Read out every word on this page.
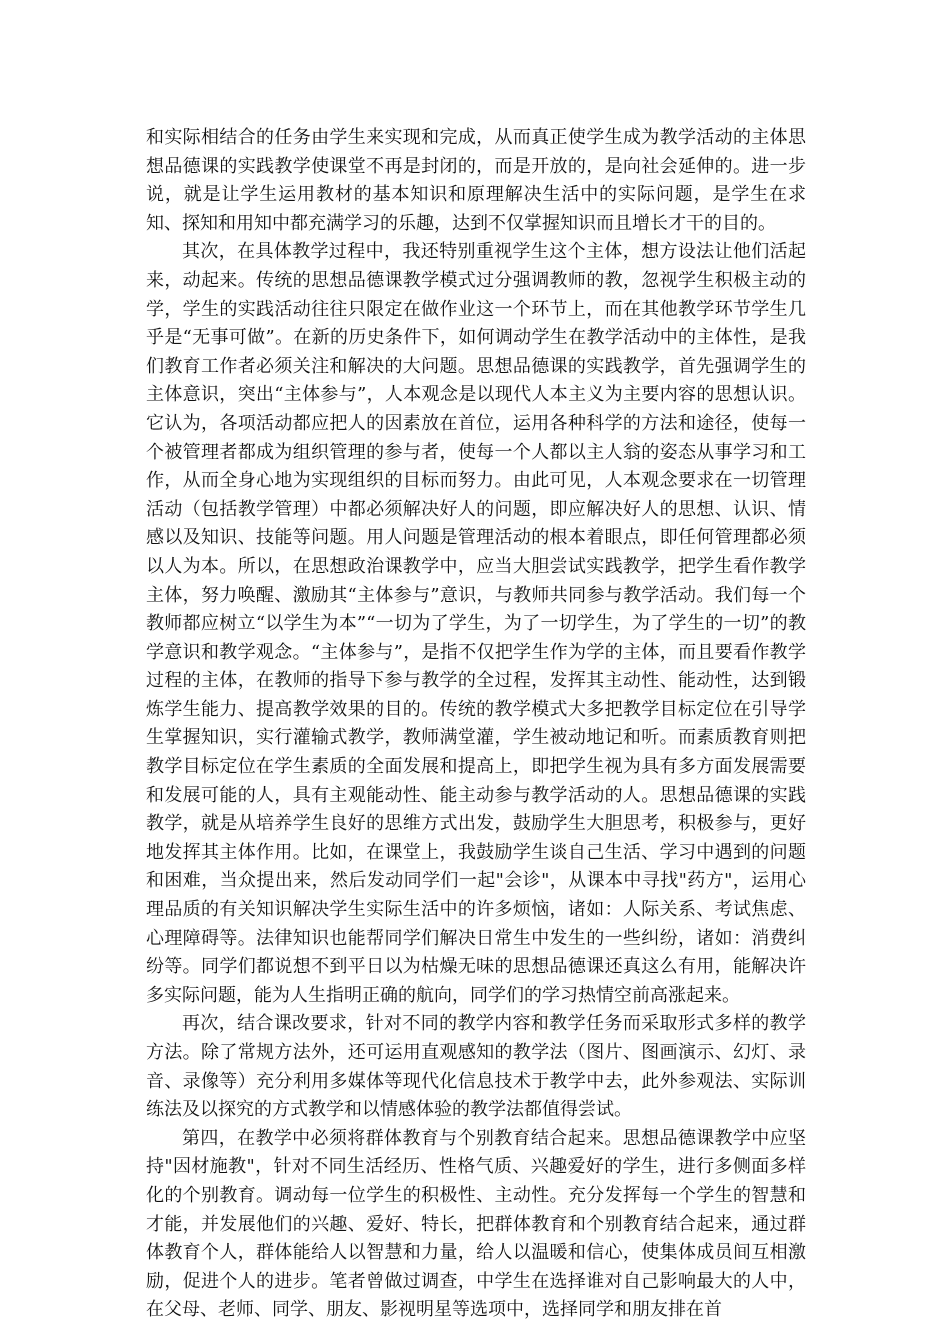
和实际相结合的任务由学生来实现和完成，从而真正使学生成为教学活动的主体思想品德课的实践教学使课堂不再是封闭的，而是开放的，是向社会延伸的。进一步说，就是让学生运用教材的基本知识和原理解决生活中的实际问题，是学生在求知、探知和用知中都充满学习的乐趣，达到不仅掌握知识而且增长才干的目的。

其次，在具体教学过程中，我还特别重视学生这个主体，想方设法让他们活起来，动起来。传统的思想品德课教学模式过分强调教师的教，忽视学生积极主动的学，学生的实践活动往往只限定在做作业这一个环节上，而在其他教学环节学生几乎是“无事可做”。在新的历史条件下，如何调动学生在教学活动中的主体性，是我们教育工作者必须关注和解决的大问题。思想品德课的实践教学，首先强调学生的主体意识，突出“主体参与”，人本观念是以现代人本主义为主要内容的思想认识。它认为，各项活动都应把人的因素放在首位，运用各种科学的方法和途径，使每一个被管理者都成为组织管理的参与者，使每一个人都以主人翁的姿态从事学习和工作，从而全身心地为实现组织的目标而努力。由此可见，人本观念要求在一切管理活动（包括教学管理）中都必须解决好人的问题，即应解决好人的思想、认识、情感以及知识、技能等问题。用人问题是管理活动的根本着眼点，即任何管理都必须以人为本。所以，在思想政治课教学中，应当大胆尝试实践教学，把学生看作教学主体，努力唤醒、激励其“主体参与”意识，与教师共同参与教学活动。我们每一个教师都应树立“以学生为本”“一切为了学生，为了一切学生，为了学生的一切”的教学意识和教学观念。“主体参与”，是指不仅把学生作为学的主体，而且要看作教学过程的主体，在教师的指导下参与教学的全过程，发挥其主动性、能动性，达到锻炼学生能力、提高教学效果的目的。传统的教学模式大多把教学目标定位在引导学生掌握知识，实行灌输式教学，教师满堂灌，学生被动地记和听。而素质教育则把教学目标定位在学生素质的全面发展和提高上，即把学生视为具有多方面发展需要和发展可能的人，具有主观能动性、能主动参与教学活动的人。思想品德课的实践教学，就是从培养学生良好的思维方式出发，鼓励学生大胆思考，积极参与，更好地发挥其主体作用。比如，在课堂上，我鼓励学生谈自己生活、学习中遇到的问题和困难，当众提出来，然后发动同学们一起"会诊"，从课本中寻找"药方"，运用心理品质的有关知识解决学生实际生活中的许多烦恼，诸如：人际关系、考试焦虑、心理障碍等。法律知识也能帮同学们解决日常生中发生的一些纠纷，诸如：消费纠纷等。同学们都说想不到平日以为枯燥无味的思想品德课还真这么有用，能解决许多实际问题，能为人生指明正确的航向，同学们的学习热情空前高涨起来。

再次，结合课改要求，针对不同的教学内容和教学任务而采取形式多样的教学方法。除了常规方法外，还可运用直观感知的教学法（图片、图画演示、幻灯、录音、录像等）充分利用多媒体等现代化信息技术于教学中去，此外参观法、实际训练法及以探究的方式教学和以情感体验的教学法都值得尝试。

第四，在教学中必须将群体教育与个别教育结合起来。思想品德课教学中应坚持"因材施教"，针对不同生活经历、性格气质、兴趣爱好的学生，进行多侧面多样化的个别教育。调动每一位学生的积极性、主动性。充分发挥每一个学生的智慧和才能，并发展他们的兴趣、爱好、特长，把群体教育和个别教育结合起来，通过群体教育个人，群体能给人以智慧和力量，给人以温暖和信心，使集体成员间互相激励，促进个人的进步。笔者曾做过调查，中学生在选择谁对自己影响最大的人中，在父母、老师、同学、朋友、影视明星等选项中，选择同学和朋友排在首
